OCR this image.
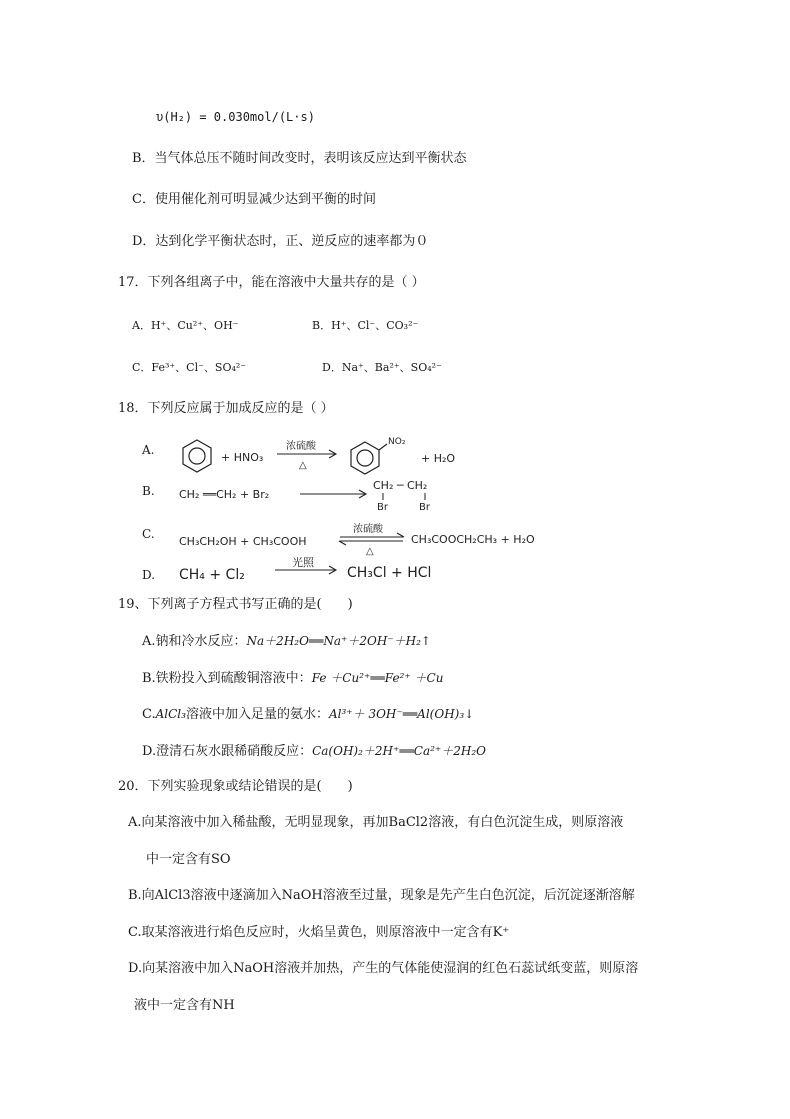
υ(H₂) = 0.030mol/(L·s)
B．当气体总压不随时间改变时，表明该反应达到平衡状态
C．使用催化剂可明显减少达到平衡的时间
D．达到化学平衡状态时，正、逆反应的速率都为０
17．下列各组离子中，能在溶液中大量共存的是（ ）
A．H⁺、Cu²⁺、OH⁻	B．H⁺、Cl⁻、CO₃²⁻
C．Fe³⁺、Cl⁻、SO₄²⁻	D．Na⁺、Ba²⁺、SO₄²⁻
18．下列反应属于加成反应的是（ ）
A.
B.
C.
D.
+ HNO₃
浓硫酸
△
NO₂
+ H₂O
CH₂ ══CH₂ + Br₂
CH₂ ─ CH₂
Br	Br
CH₃CH₂OH + CH₃COOH
浓硫酸
△
CH₃COOCH₂CH₃ + H₂O
CH₄ + Cl₂
光照
CH₃Cl + HCl
19、下列离子方程式书写正确的是(　　)
A.钠和冷水反应：Na＋2H₂O══Na⁺＋2OH⁻＋H₂↑
B.铁粉投入到硫酸铜溶液中：Fe ＋Cu²⁺══Fe²⁺ ＋Cu
C.AlCl₃溶液中加入足量的氨水：Al³⁺＋ 3OH⁻══Al(OH)₃↓
D.澄清石灰水跟稀硝酸反应：Ca(OH)₂＋2H⁺══Ca²⁺＋2H₂O
20．下列实验现象或结论错误的是(　　)
A.向某溶液中加入稀盐酸，无明显现象，再加BaCl2溶液，有白色沉淀生成，则原溶液
中一定含有SO
B.向AlCl3溶液中逐滴加入NaOH溶液至过量，现象是先产生白色沉淀，后沉淀逐渐溶解
C.取某溶液进行焰色反应时，火焰呈黄色，则原溶液中一定含有K⁺
D.向某溶液中加入NaOH溶液并加热，产生的气体能使湿润的红色石蕊试纸变蓝，则原溶
液中一定含有NH
